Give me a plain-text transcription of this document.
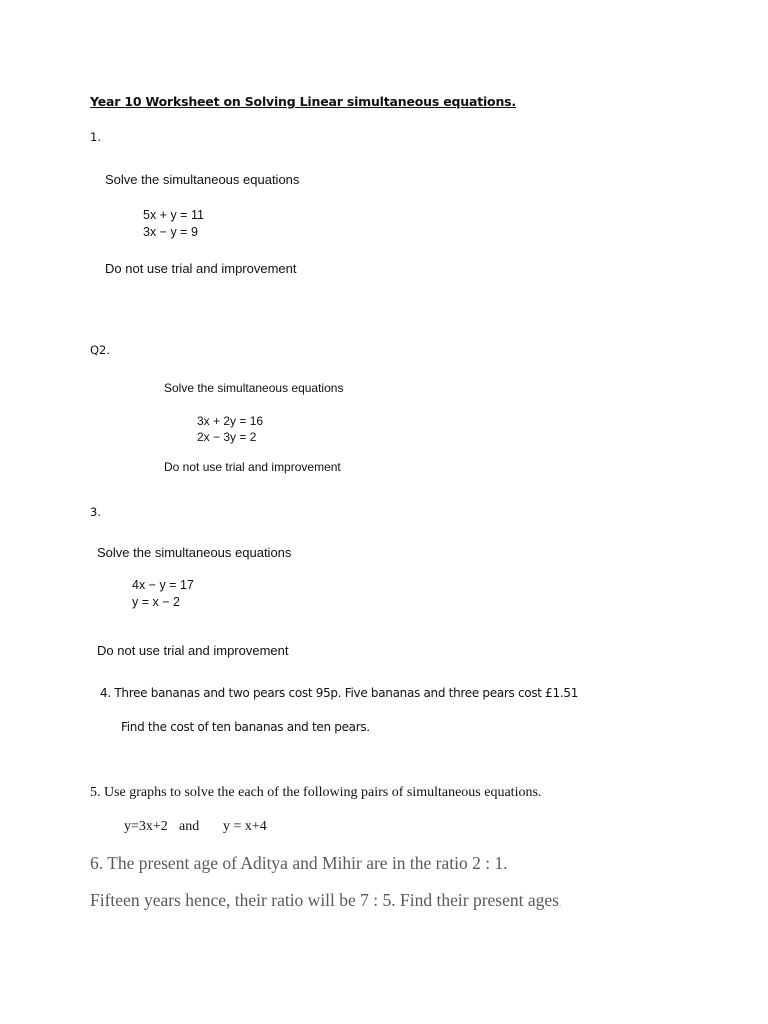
Year 10 Worksheet on Solving Linear simultaneous equations.
1.
Solve the simultaneous equations
5x + y = 11
3x − y = 9
Do not use trial and improvement
Q2.
Solve the simultaneous equations
3x + 2y = 16
2x − 3y = 2
Do not use trial and improvement
3.
Solve the simultaneous equations
4x − y = 17
y = x − 2
Do not use trial and improvement
4. Three bananas and two pears cost 95p. Five bananas and three pears cost £1.51
Find the cost of ten bananas and ten pears.
5. Use graphs to solve the each of the following pairs of simultaneous equations.
y=3x+2 and y = x+4
6. The present age of Aditya and Mihir are in the ratio 2 : 1.
Fifteen years hence, their ratio will be 7 : 5. Find their present ages.
